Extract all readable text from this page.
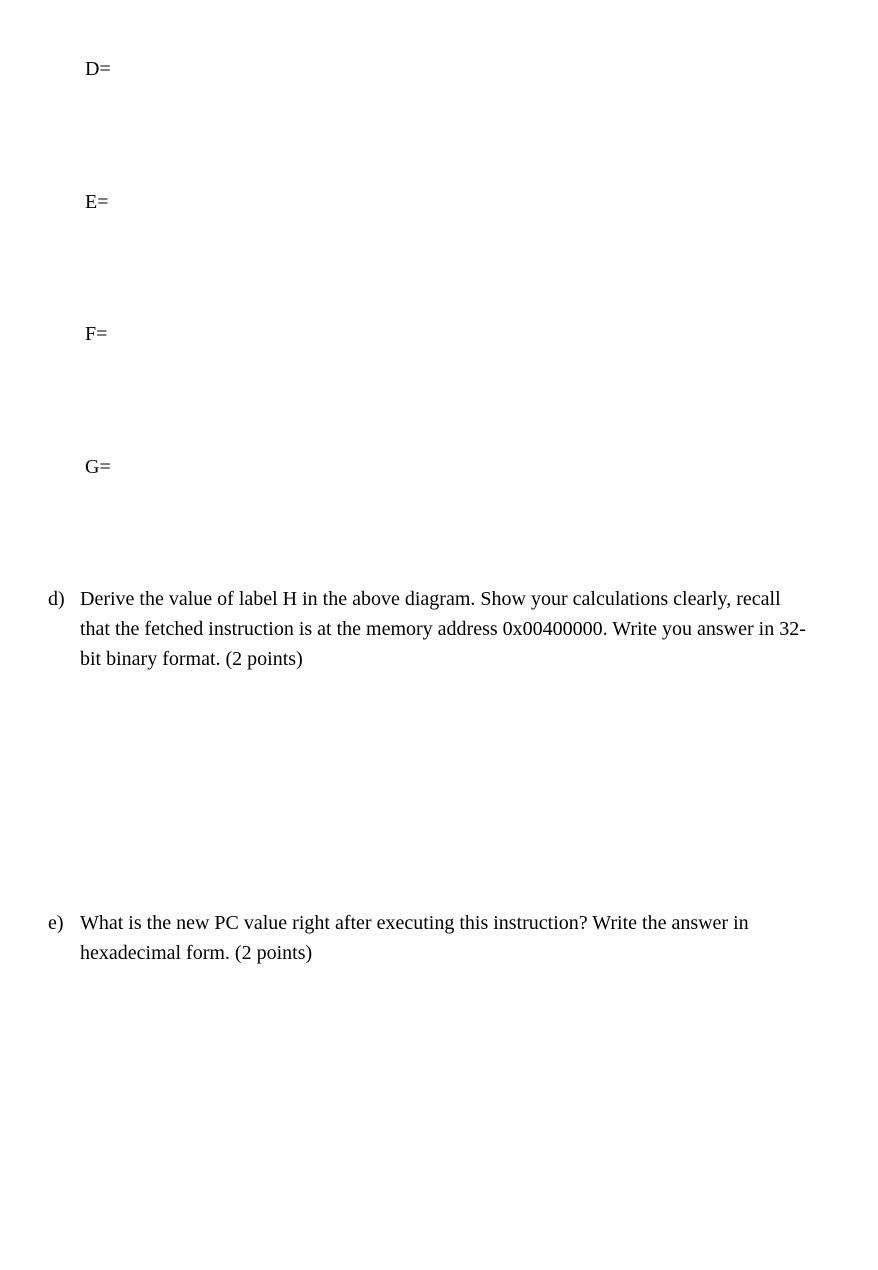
D=
E=
F=
G=
d) Derive the value of label H in the above diagram. Show your calculations clearly, recall that the fetched instruction is at the memory address 0x00400000. Write you answer in 32-bit binary format. (2 points)
e) What is the new PC value right after executing this instruction? Write the answer in hexadecimal form. (2 points)
